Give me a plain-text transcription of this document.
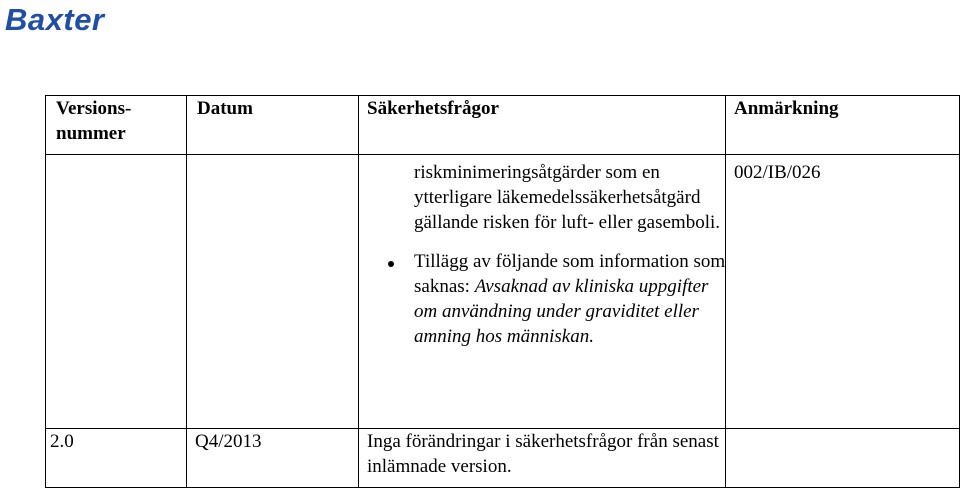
Baxter
Versions-
nummer	Datum	Säkerhetsfrågor	Anmärkning

		riskminimeringsåtgärder som en ytterligare läkemedelssäkerhetsåtgärd gällande risken för luft- eller gasemboli.
Tillägg av följande som information som saknas: Avsaknad av kliniska uppgifter om användning under graviditet eller amning hos människan.	002/IB/026
2.0	Q4/2013	Inga förändringar i säkerhetsfrågor från senast inlämnade version.	
